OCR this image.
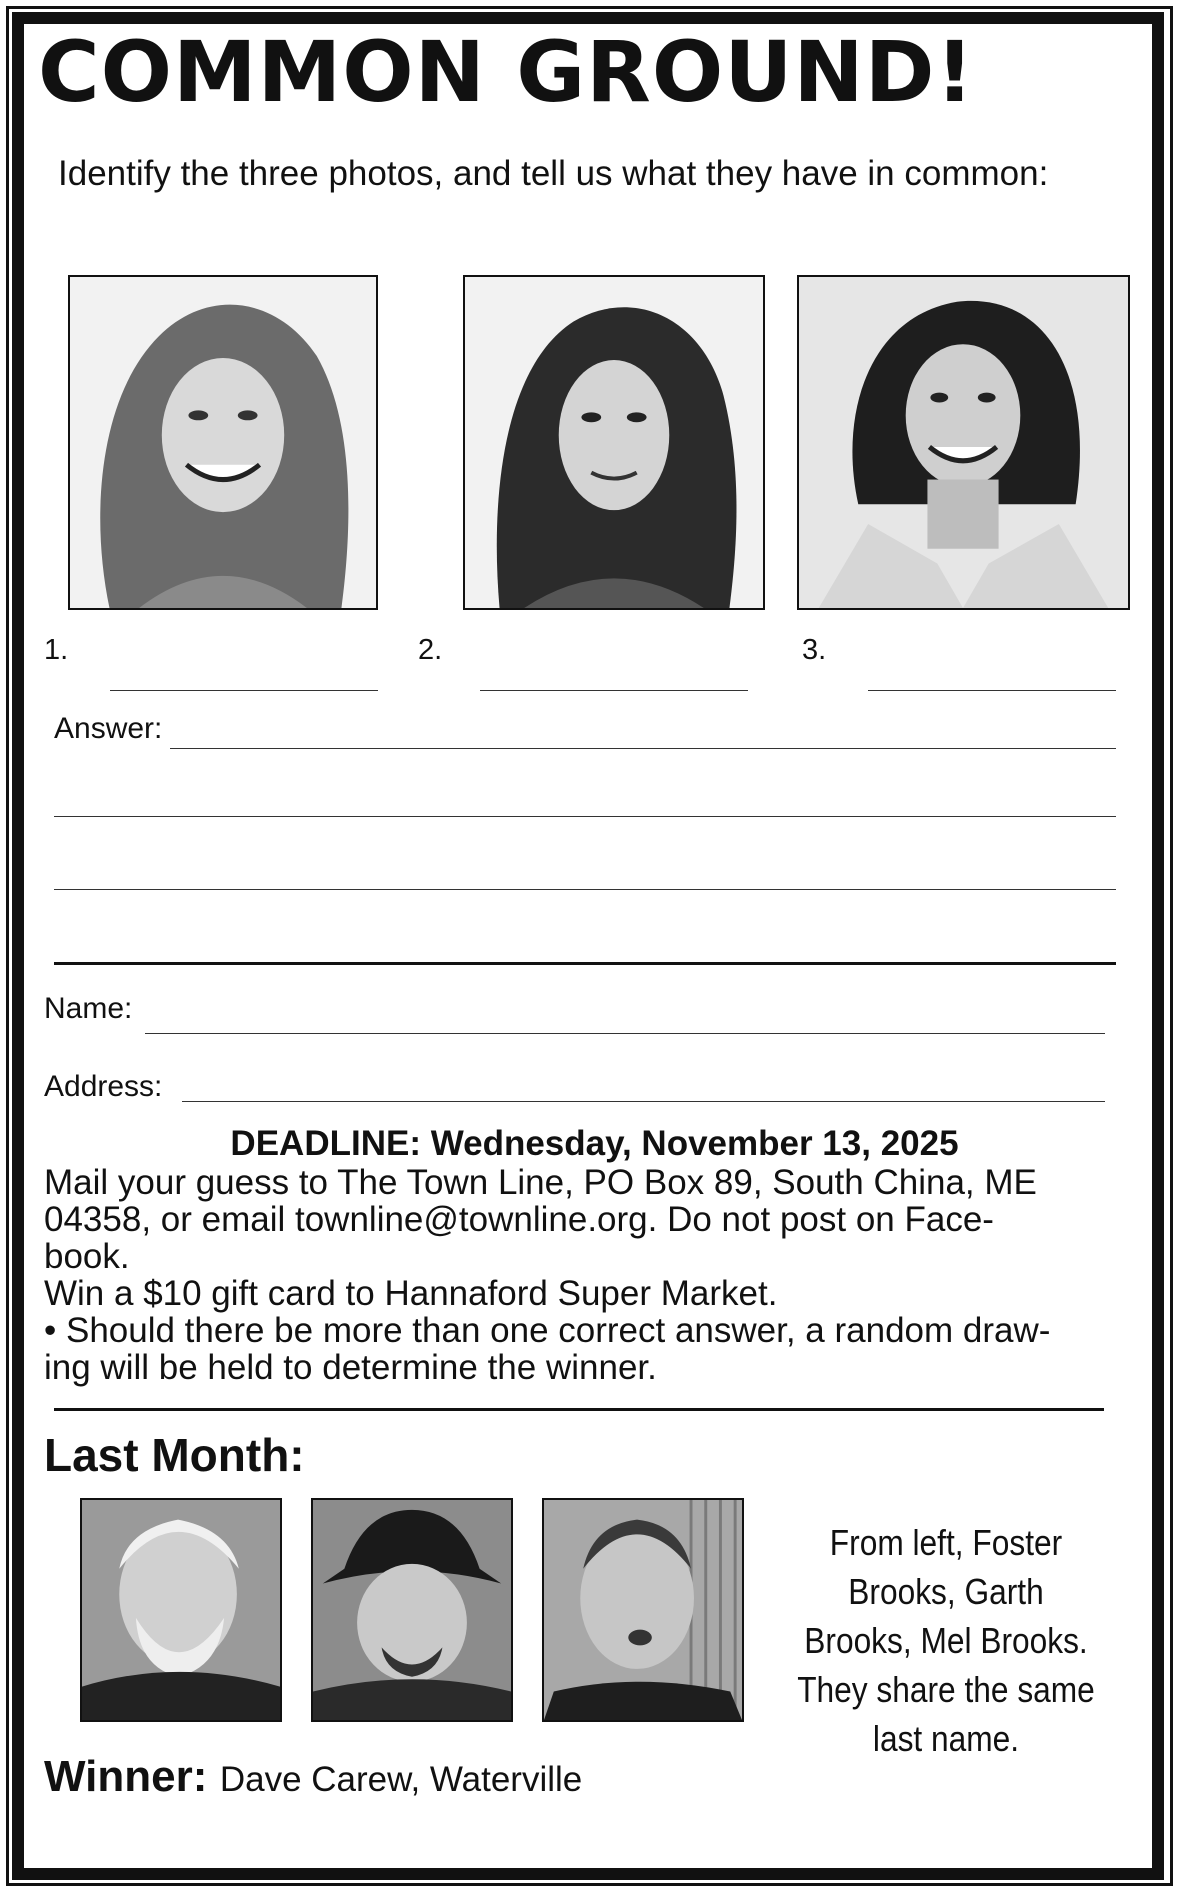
COMMON GROUND!
Identify the three photos, and tell us what they have in common:
1.	2.	3.
Answer:
Name:
Address:
DEADLINE: Wednesday, November 13, 2025
Mail your guess to The Town Line, PO Box 89, South China, ME
04358, or email townline@townline.org. Do not post on Face-
book.
Win a $10 gift card to Hannaford Super Market.
• Should there be more than one correct answer, a random draw-
ing will be held to determine the winner.
Last Month:
From left, Foster Brooks, Garth Brooks, Mel Brooks. They share the same last name.
Winner: Dave Carew, Waterville
